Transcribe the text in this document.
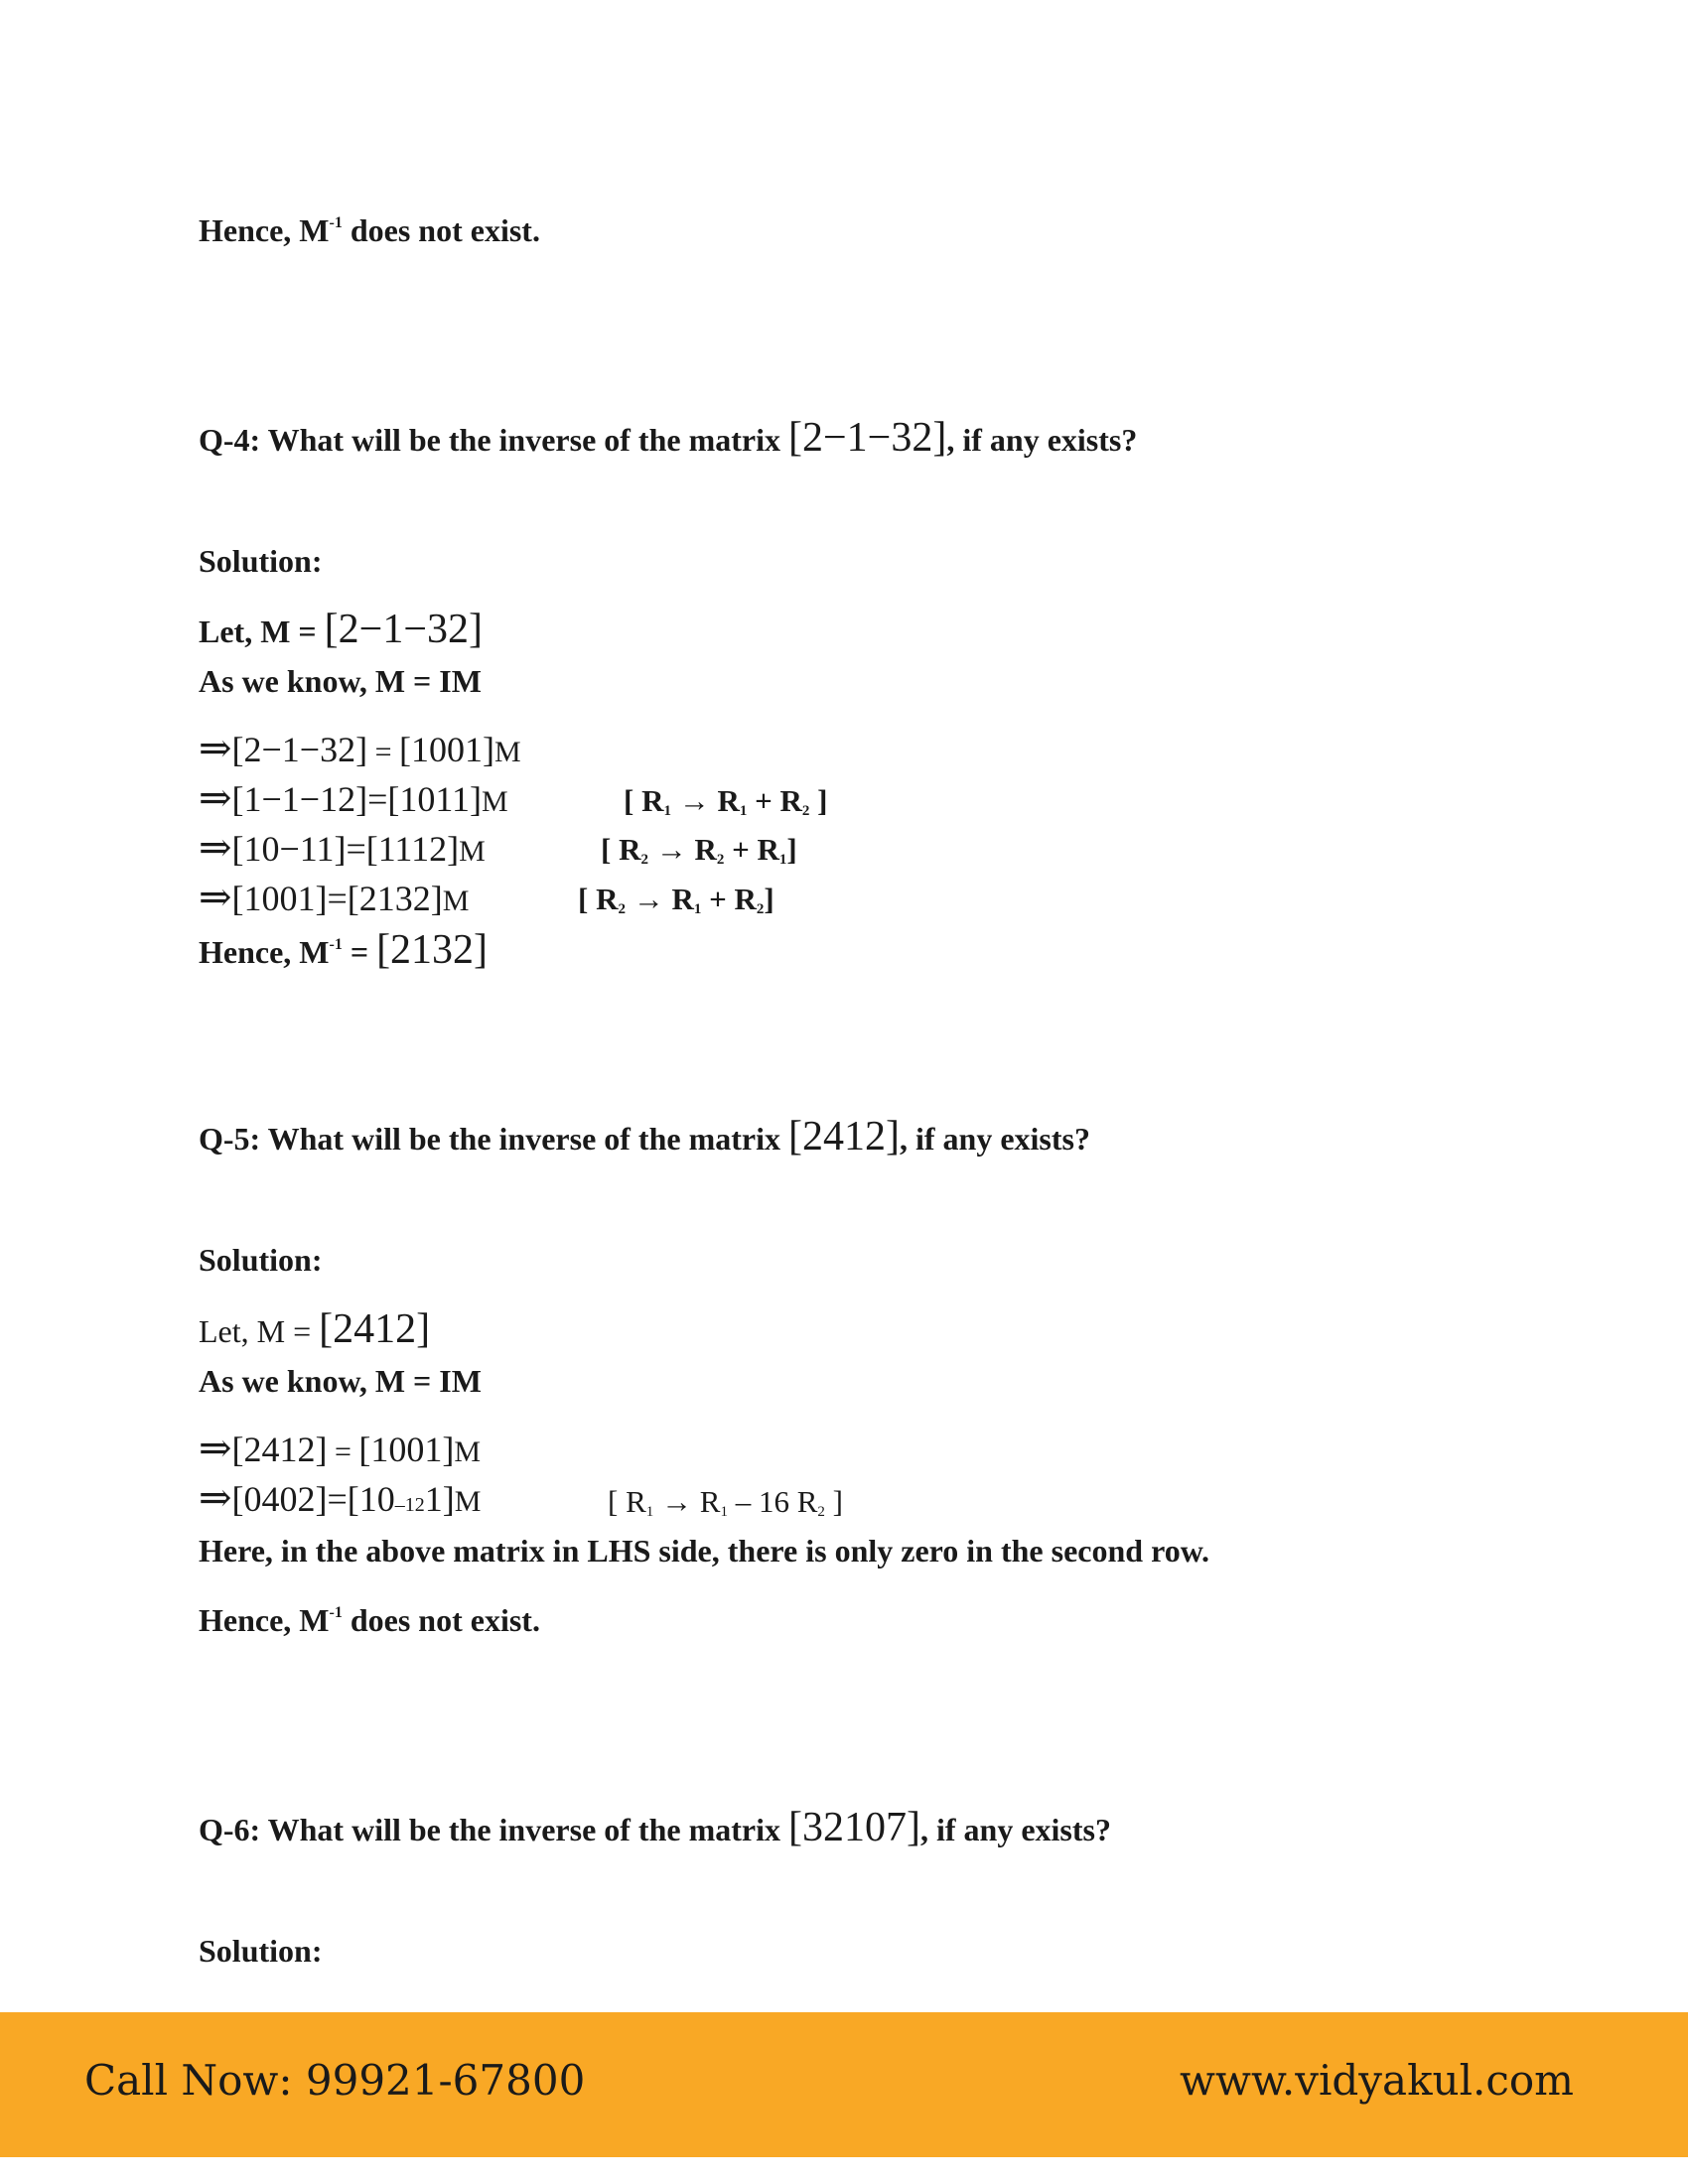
Hence, $M^{-1}$ does not exist.
Q-4: What will be the inverse of the matrix [2−1−32], if any exists?
Solution:
Let, M = [2−1−32]
As we know, M = IM
⇒[2−1−32] = [1001]M
⇒[1−1−12]=[1011]M	[ $R_1 \to R_1 + R_2$ ]
⇒[10−11]=[1112]M	[ $R_2 \to R_2 + R_1$]
⇒[1001]=[2132]M	[ $R_2 \to R_1 + R_2$]
Hence, $M^{-1} = [2132]$
Q-5: What will be the inverse of the matrix [2412], if any exists?
Solution:
Let, M = [2412]
As we know, M = IM
⇒[2412] = [1001]M
⇒[0402]=[10–121]M	[ $R_1 \to R_1 - 16$ $R_2$ ]
Here, in the above matrix in LHS side, there is only zero in the second row.
Hence, $M^{-1}$ does not exist.
Q-6: What will be the inverse of the matrix [32107], if any exists?
Solution:
Call Now: 99921-67800	www.vidyakul.com
